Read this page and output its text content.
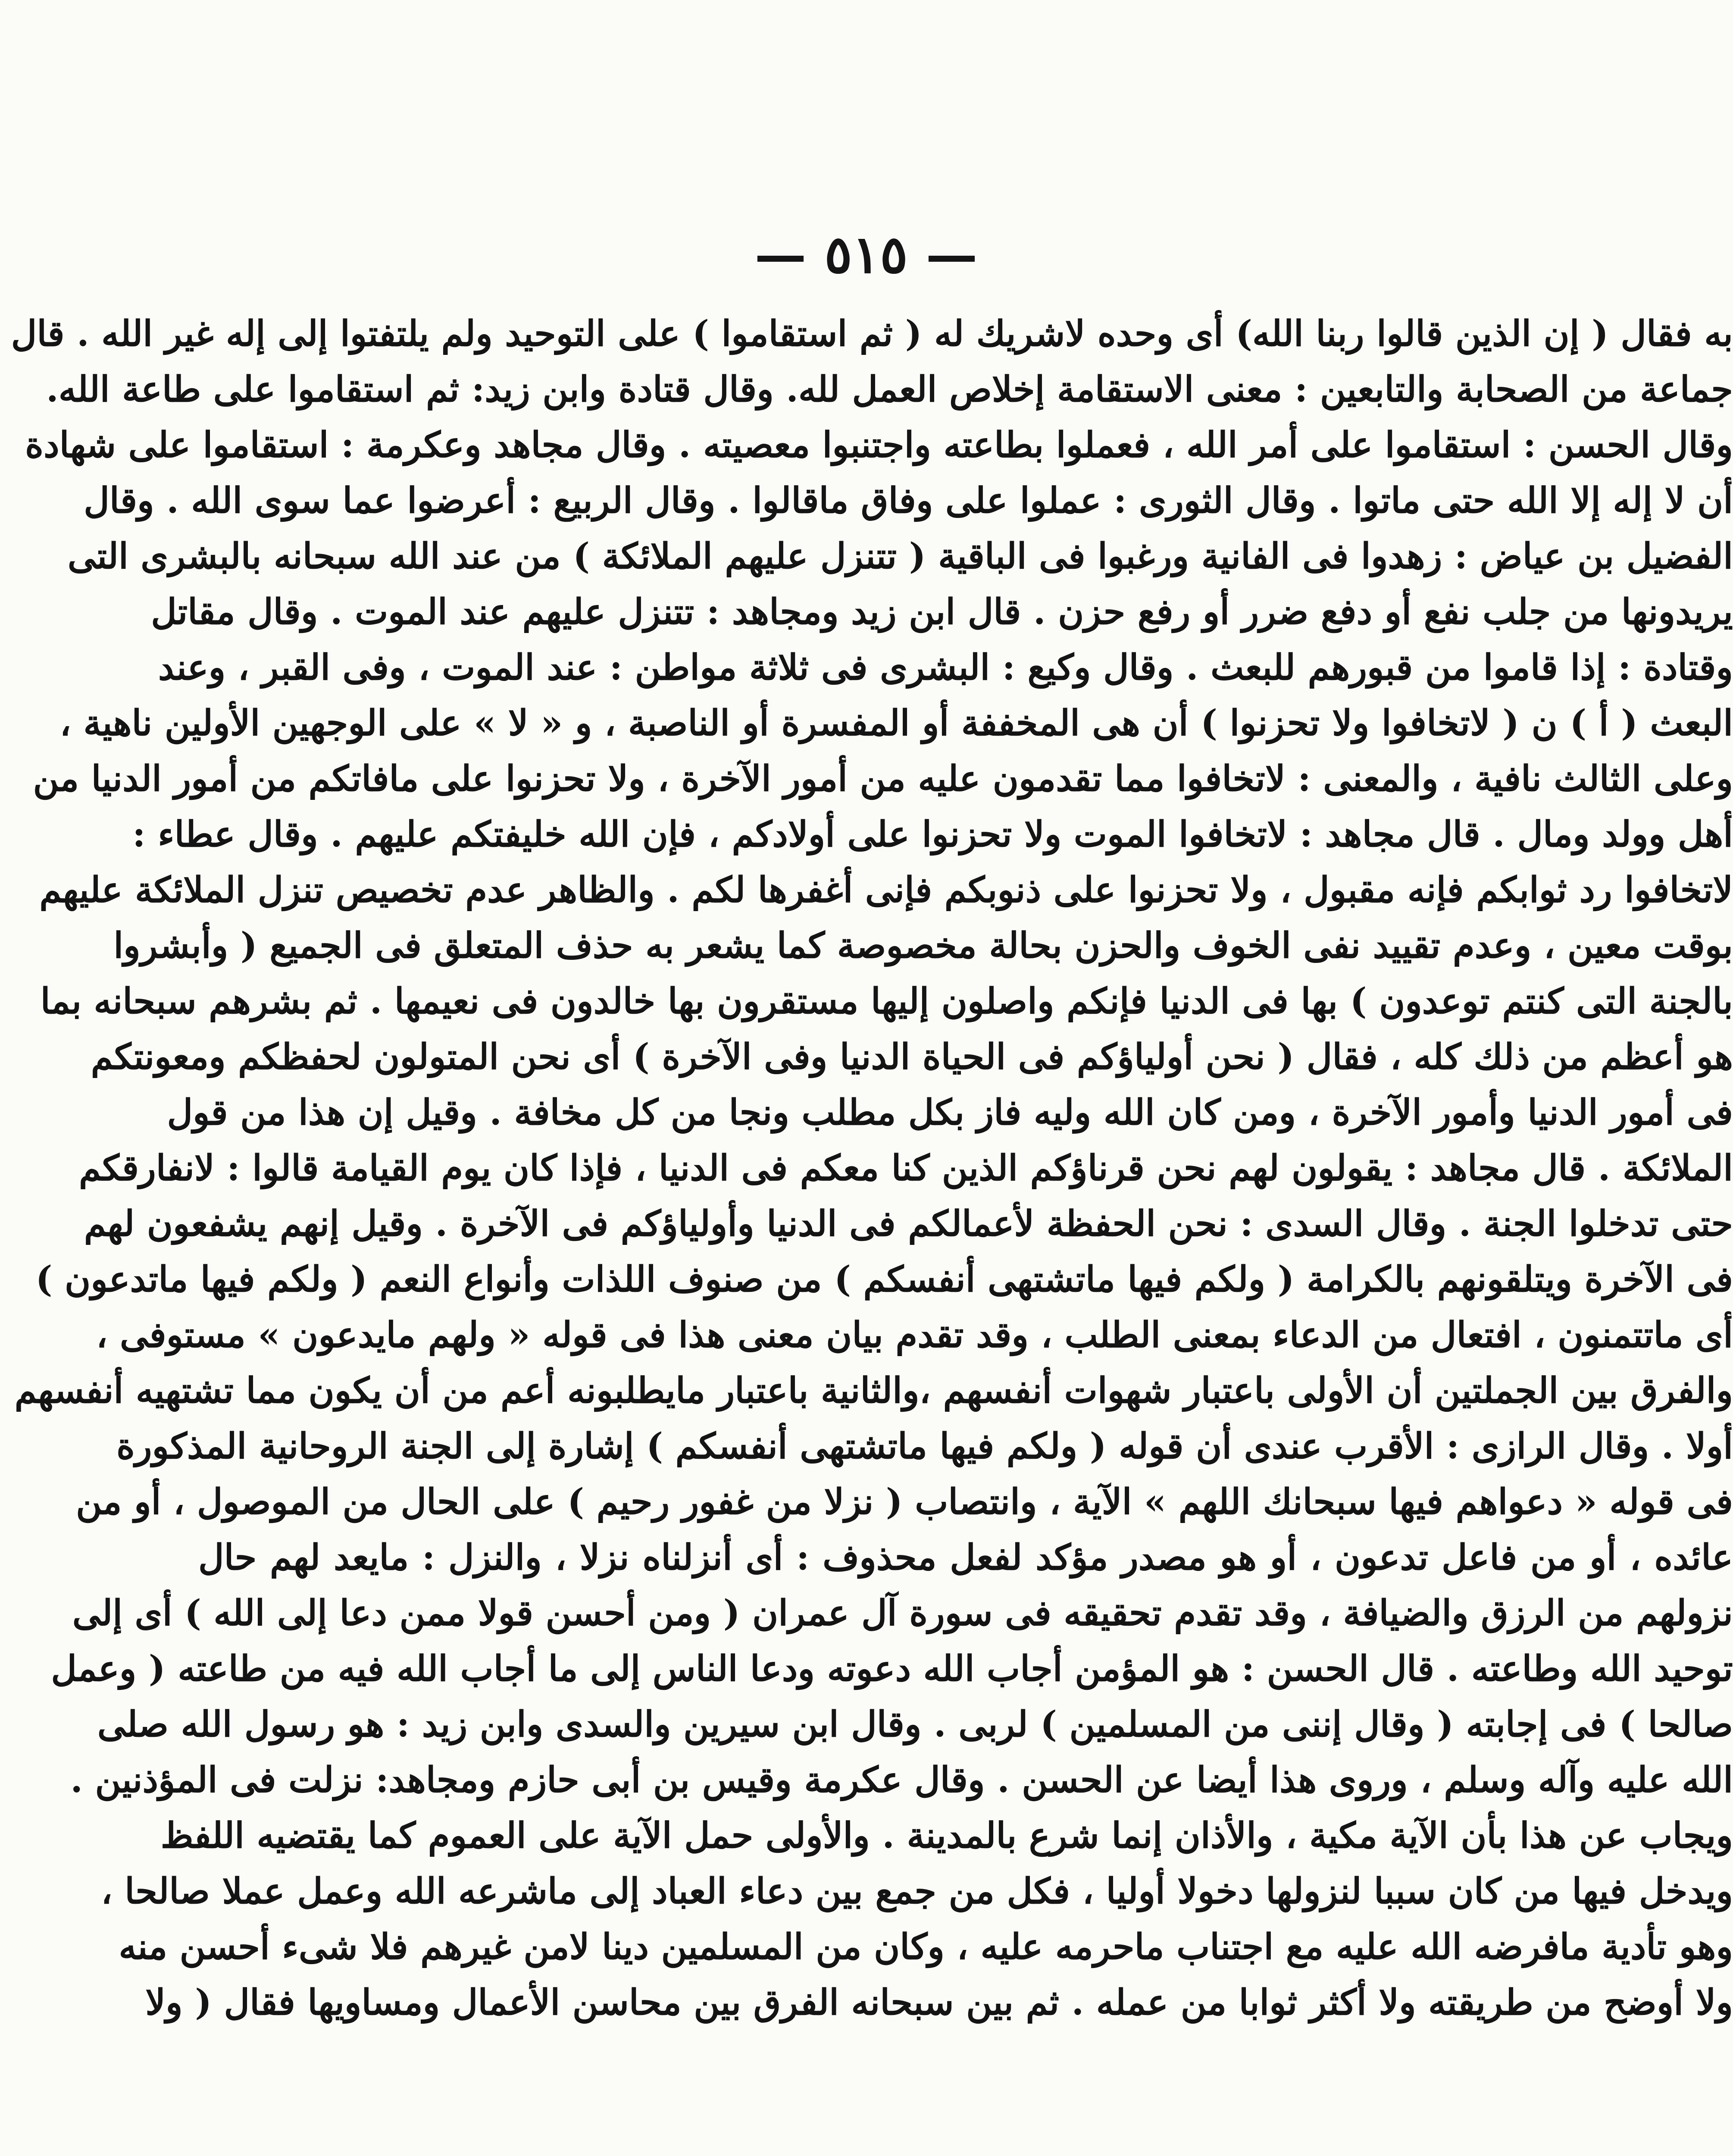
— ٥١٥ —
به فقال ( إن الذين قالوا ربنا الله) أى وحده لاشريك له ( ثم استقاموا ) على التوحيد ولم يلتفتوا إلى إله غير الله . قال
جماعة من الصحابة والتابعين : معنى الاستقامة إخلاص العمل لله. وقال قتادة وابن زيد: ثم استقاموا على طاعة الله.
وقال الحسن : استقاموا على أمر الله ، فعملوا بطاعته واجتنبوا معصيته . وقال مجاهد وعكرمة : استقاموا على شهادة
أن لا إله إلا الله حتى ماتوا . وقال الثورى : عملوا على وفاق ماقالوا . وقال الربيع : أعرضوا عما سوى الله . وقال
الفضيل بن عياض : زهدوا فى الفانية ورغبوا فى الباقية ( تتنزل عليهم الملائكة ) من عند الله سبحانه بالبشرى التى
يريدونها من جلب نفع أو دفع ضرر أو رفع حزن . قال ابن زيد ومجاهد : تتنزل عليهم عند الموت . وقال مقاتل
وقتادة : إذا قاموا من قبورهم للبعث . وقال وكيع : البشرى فى ثلاثة مواطن : عند الموت ، وفى القبر ، وعند
البعث ( أ ) ن ( لاتخافوا ولا تحزنوا ) أن هى المخففة أو المفسرة أو الناصبة ، و « لا » على الوجهين الأولين ناهية ،
وعلى الثالث نافية ، والمعنى : لاتخافوا مما تقدمون عليه من أمور الآخرة ، ولا تحزنوا على مافاتكم من أمور الدنيا من
أهل وولد ومال . قال مجاهد : لاتخافوا الموت ولا تحزنوا على أولادكم ، فإن الله خليفتكم عليهم . وقال عطاء :
لاتخافوا رد ثوابكم فإنه مقبول ، ولا تحزنوا على ذنوبكم فإنى أغفرها لكم . والظاهر عدم تخصيص تنزل الملائكة عليهم
بوقت معين ، وعدم تقييد نفى الخوف والحزن بحالة مخصوصة كما يشعر به حذف المتعلق فى الجميع ( وأبشروا
بالجنة التى كنتم توعدون ) بها فى الدنيا فإنكم واصلون إليها مستقرون بها خالدون فى نعيمها . ثم بشرهم سبحانه بما
هو أعظم من ذلك كله ، فقال ( نحن أولياؤكم فى الحياة الدنيا وفى الآخرة ) أى نحن المتولون لحفظكم ومعونتكم
فى أمور الدنيا وأمور الآخرة ، ومن كان الله وليه فاز بكل مطلب ونجا من كل مخافة . وقيل إن هذا من قول
الملائكة . قال مجاهد : يقولون لهم نحن قرناؤكم الذين كنا معكم فى الدنيا ، فإذا كان يوم القيامة قالوا : لانفارقكم
حتى تدخلوا الجنة . وقال السدى : نحن الحفظة لأعمالكم فى الدنيا وأولياؤكم فى الآخرة . وقيل إنهم يشفعون لهم
فى الآخرة ويتلقونهم بالكرامة ( ولكم فيها ماتشتهى أنفسكم ) من صنوف اللذات وأنواع النعم ( ولكم فيها ماتدعون )
أى ماتتمنون ، افتعال من الدعاء بمعنى الطلب ، وقد تقدم بيان معنى هذا فى قوله « ولهم مايدعون » مستوفى ،
والفرق بين الجملتين أن الأولى باعتبار شهوات أنفسهم ،والثانية باعتبار مايطلبونه أعم من أن يكون مما تشتهيه أنفسهم
أولا . وقال الرازى : الأقرب عندى أن قوله ( ولكم فيها ماتشتهى أنفسكم ) إشارة إلى الجنة الروحانية المذكورة
فى قوله « دعواهم فيها سبحانك اللهم » الآية ، وانتصاب ( نزلا من غفور رحيم ) على الحال من الموصول ، أو من
عائده ، أو من فاعل تدعون ، أو هو مصدر مؤكد لفعل محذوف : أى أنزلناه نزلا ، والنزل : مايعد لهم حال
نزولهم من الرزق والضيافة ، وقد تقدم تحقيقه فى سورة آل عمران ( ومن أحسن قولا ممن دعا إلى الله ) أى إلى
توحيد الله وطاعته . قال الحسن : هو المؤمن أجاب الله دعوته ودعا الناس إلى ما أجاب الله فيه من طاعته ( وعمل
صالحا ) فى إجابته ( وقال إننى من المسلمين ) لربى . وقال ابن سيرين والسدى وابن زيد : هو رسول الله صلى
الله عليه وآله وسلم ، وروى هذا أيضا عن الحسن . وقال عكرمة وقيس بن أبى حازم ومجاهد: نزلت فى المؤذنين .
ويجاب عن هذا بأن الآية مكية ، والأذان إنما شرع بالمدينة . والأولى حمل الآية على العموم كما يقتضيه اللفظ
ويدخل فيها من كان سببا لنزولها دخولا أوليا ، فكل من جمع بين دعاء العباد إلى ماشرعه الله وعمل عملا صالحا ،
وهو تأدية مافرضه الله عليه مع اجتناب ماحرمه عليه ، وكان من المسلمين دينا لامن غيرهم فلا شىء أحسن منه
ولا أوضح من طريقته ولا أكثر ثوابا من عمله . ثم بين سبحانه الفرق بين محاسن الأعمال ومساويها فقال ( ولا
